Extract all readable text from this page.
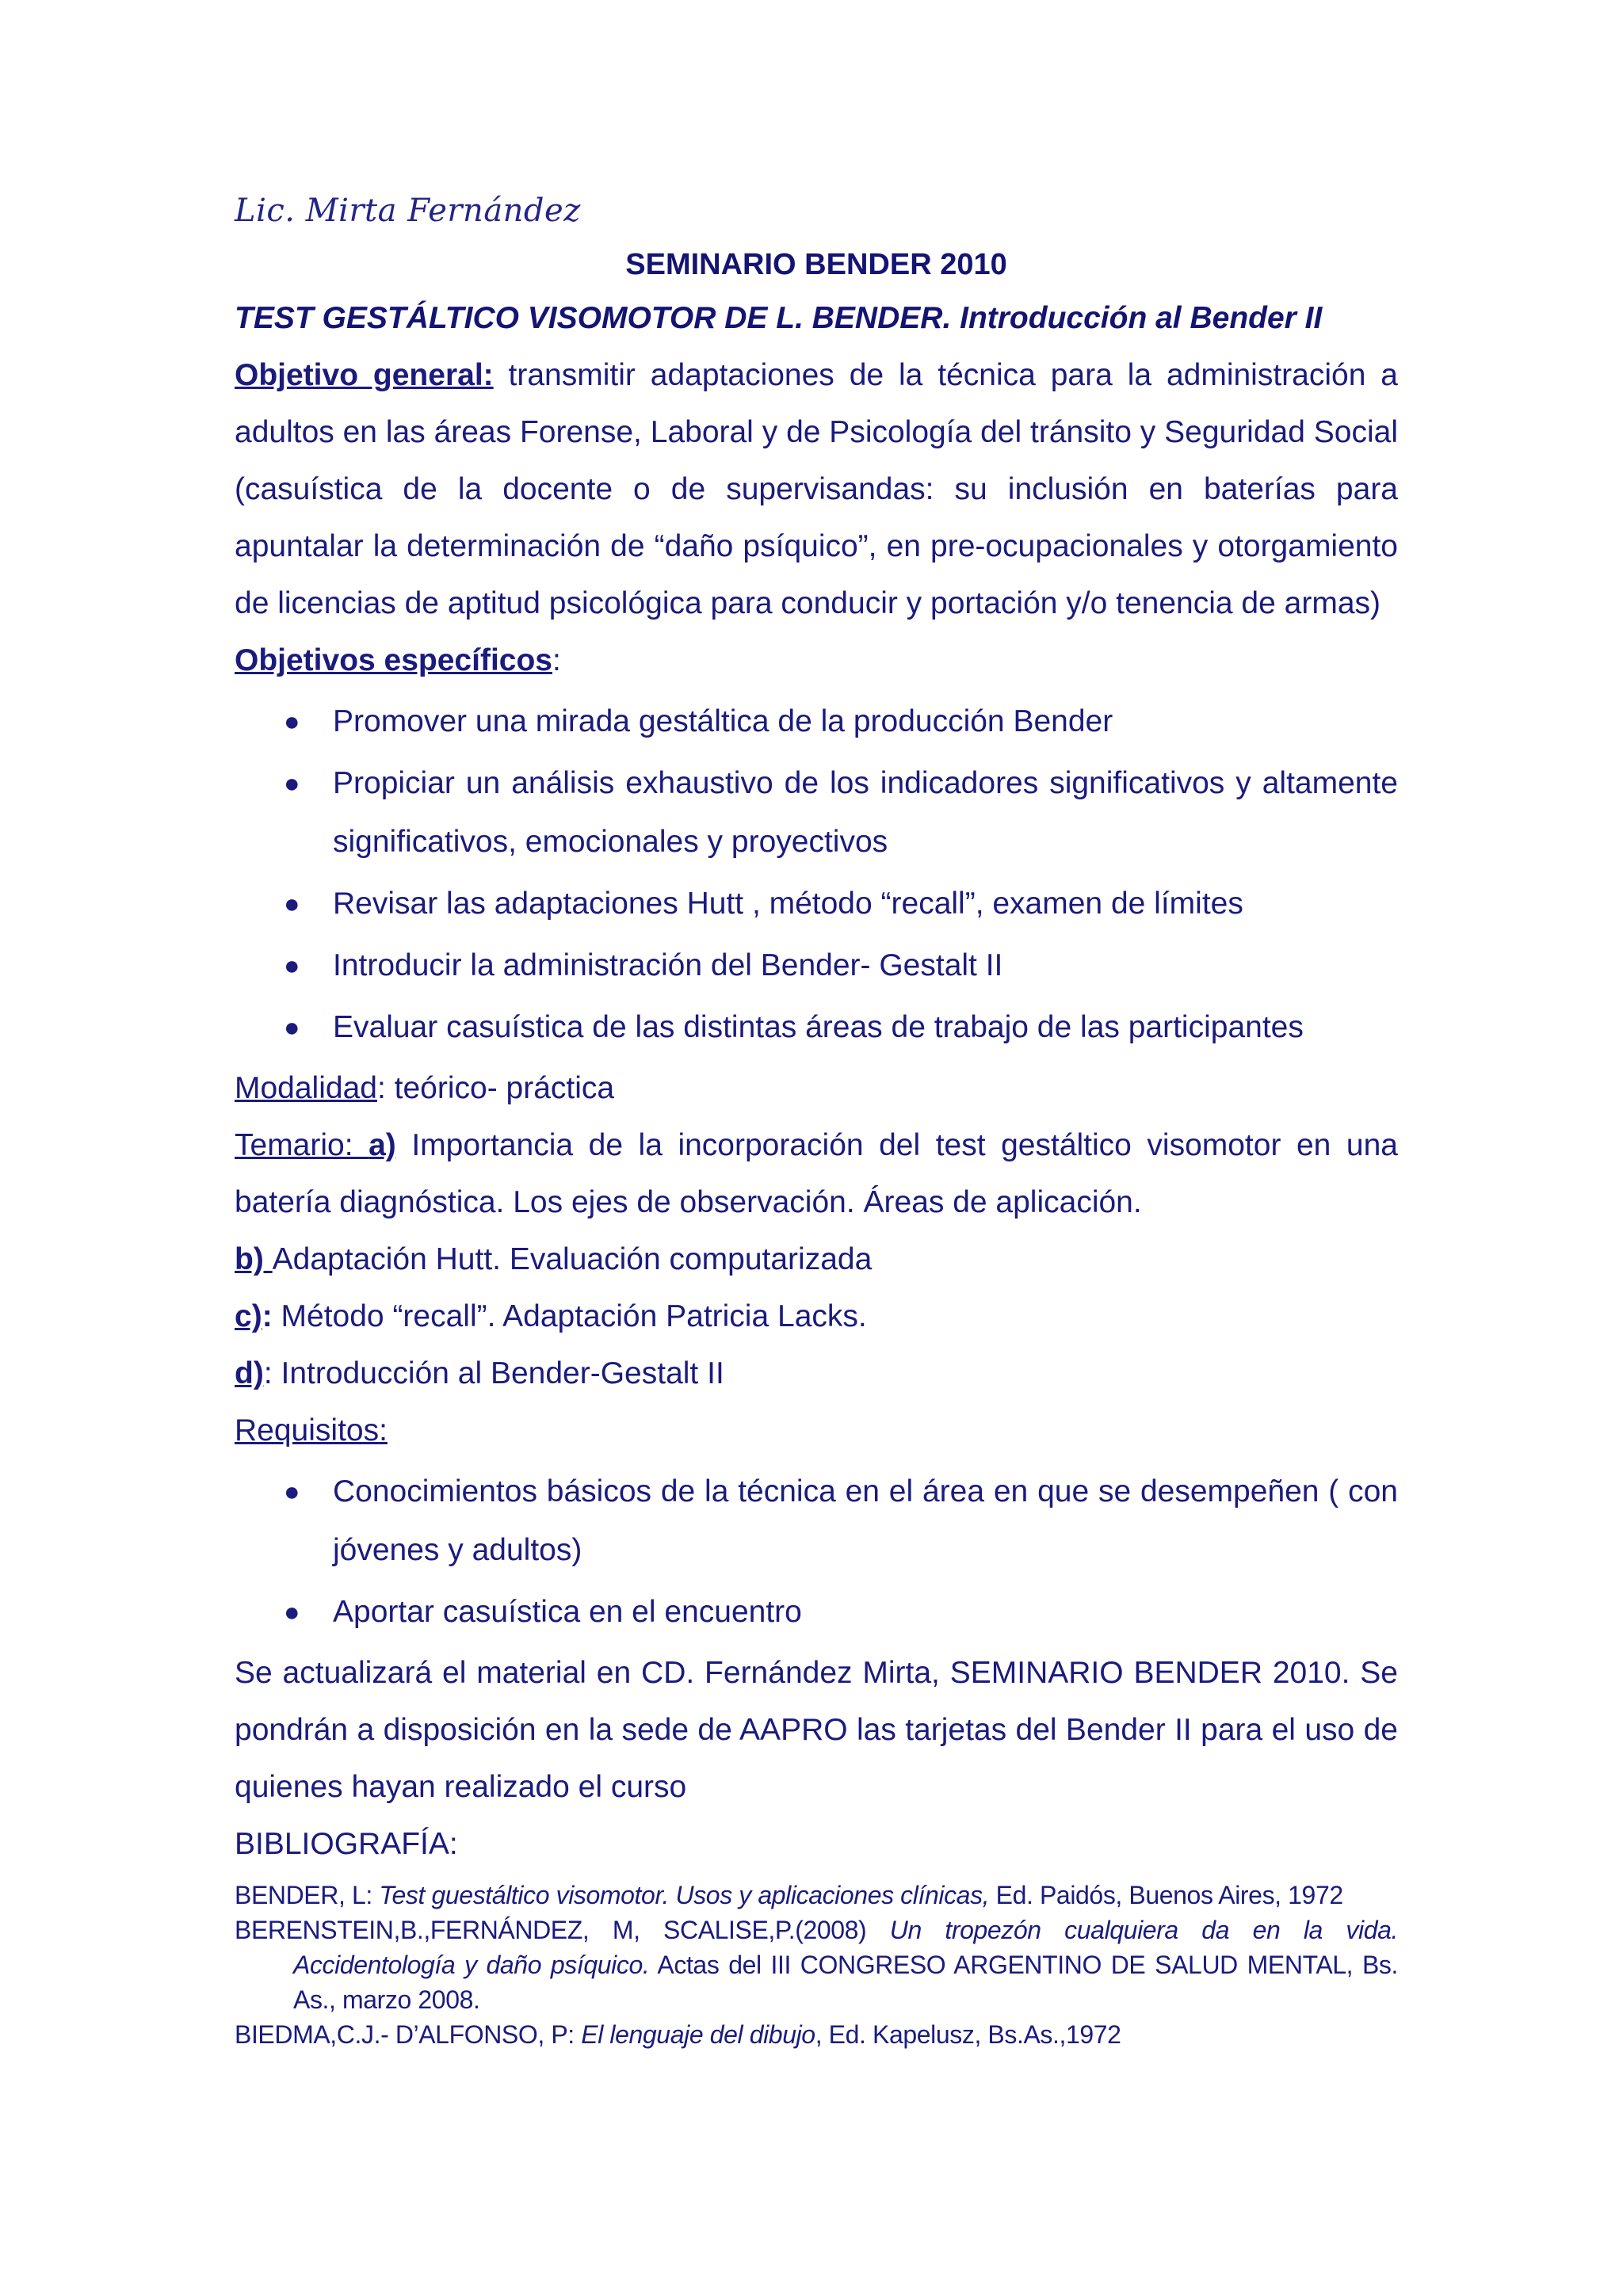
Lic. Mirta Fernández
SEMINARIO BENDER 2010
TEST GESTÁLTICO VISOMOTOR DE L. BENDER. Introducción al Bender II

Objetivo general: transmitir adaptaciones de la técnica para la administración a adultos en las áreas Forense, Laboral y de Psicología del tránsito y Seguridad Social (casuística de la docente o de supervisandas: su inclusión en baterías para apuntalar la determinación de “daño psíquico”, en pre-ocupacionales y otorgamiento de licencias de aptitud psicológica para conducir y portación y/o tenencia de armas)

Objetivos específicos:

● Promover una mirada gestáltica de la producción Bender
● Propiciar un análisis exhaustivo de los indicadores significativos y altamente significativos, emocionales y proyectivos
● Revisar las adaptaciones Hutt , método “recall”, examen de límites
● Introducir la administración del Bender- Gestalt II
● Evaluar casuística de las distintas áreas de trabajo de las participantes

Modalidad: teórico- práctica

Temario: a) Importancia de la incorporación del test gestáltico visomotor en una batería diagnóstica. Los ejes de observación. Áreas de aplicación.

b) Adaptación Hutt. Evaluación computarizada

c): Método “recall”. Adaptación Patricia Lacks.

d): Introducción al Bender-Gestalt II

Requisitos:

● Conocimientos básicos de la técnica en el área en que se desempeñen ( con jóvenes y adultos)
● Aportar casuística en el encuentro

Se actualizará el material en CD. Fernández Mirta, SEMINARIO BENDER 2010. Se pondrán a disposición en la sede de AAPRO las tarjetas del Bender II para el uso de quienes hayan realizado el curso

BIBLIOGRAFÍA:

BENDER, L: Test guestáltico visomotor. Usos y aplicaciones clínicas, Ed. Paidós, Buenos Aires, 1972

BERENSTEIN,B.,FERNÁNDEZ, M, SCALISE,P.(2008) Un tropezón cualquiera da en la vida. Accidentología y daño psíquico. Actas del III CONGRESO ARGENTINO DE SALUD MENTAL, Bs. As., marzo 2008.

BIEDMA,C.J.- D’ALFONSO, P: El lenguaje del dibujo, Ed. Kapelusz, Bs.As.,1972
